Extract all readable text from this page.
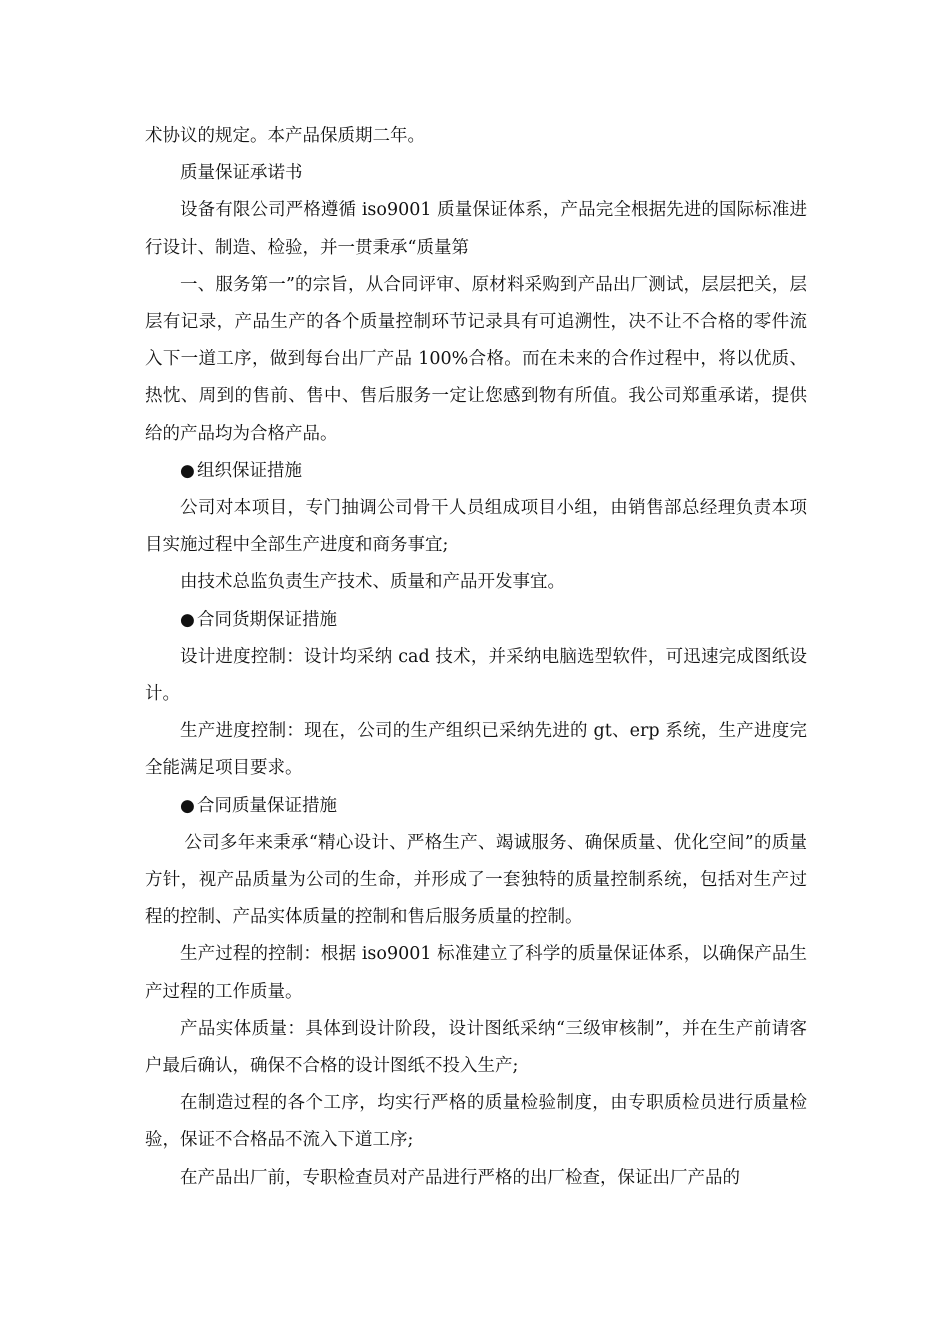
术协议的规定。本产品保质期二年。

质量保证承诺书

设备有限公司严格遵循 iso9001 质量保证体系，产品完全根据先进的国际标准进行设计、制造、检验，并一贯秉承“质量第

一、服务第一”的宗旨，从合同评审、原材料采购到产品出厂测试，层层把关，层层有记录，产品生产的各个质量控制环节记录具有可追溯性，决不让不合格的零件流入下一道工序，做到每台出厂产品 100%合格。而在未来的合作过程中，将以优质、热忱、周到的售前、售中、售后服务一定让您感到物有所值。我公司郑重承诺，提供给的产品均为合格产品。

● 组织保证措施

公司对本项目，专门抽调公司骨干人员组成项目小组，由销售部总经理负责本项目实施过程中全部生产进度和商务事宜;

由技术总监负责生产技术、质量和产品开发事宜。

● 合同货期保证措施

设计进度控制：设计均采纳 cad 技术，并采纳电脑选型软件，可迅速完成图纸设计。

生产进度控制：现在，公司的生产组织已采纳先进的 gt、erp 系统，生产进度完全能满足项目要求。

● 合同质量保证措施

公司多年来秉承“精心设计、严格生产、竭诚服务、确保质量、优化空间”的质量方针，视产品质量为公司的生命，并形成了一套独特的质量控制系统，包括对生产过程的控制、产品实体质量的控制和售后服务质量的控制。

生产过程的控制：根据 iso9001 标准建立了科学的质量保证体系，以确保产品生产过程的工作质量。

产品实体质量：具体到设计阶段，设计图纸采纳“三级审核制”，并在生产前请客户最后确认，确保不合格的设计图纸不投入生产;

在制造过程的各个工序，均实行严格的质量检验制度，由专职质检员进行质量检验，保证不合格品不流入下道工序;

在产品出厂前，专职检查员对产品进行严格的出厂检查，保证出厂产品的
